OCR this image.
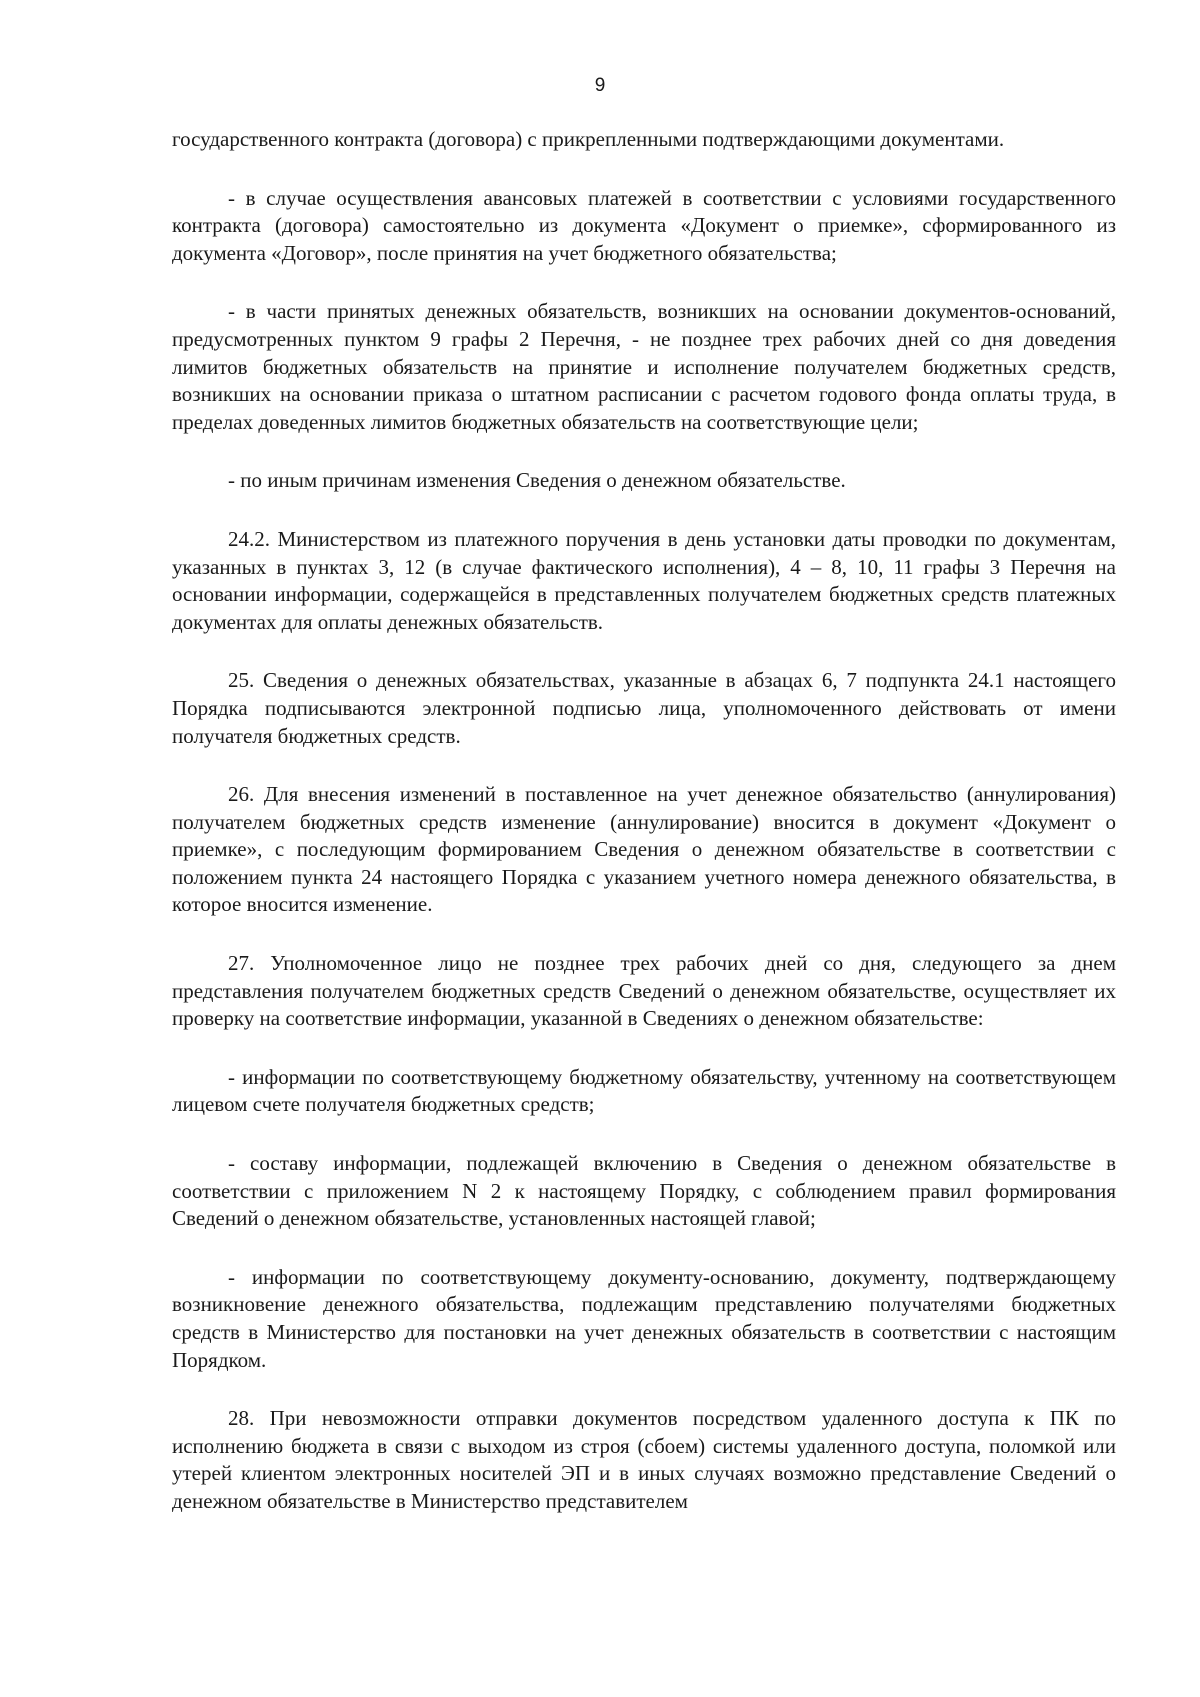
9

государственного контракта (договора) с прикрепленными подтверждающими документами.

- в случае осуществления авансовых платежей в соответствии с условиями государственного контракта (договора) самостоятельно из документа «Документ о приемке», сформированного из документа «Договор», после принятия на учет бюджетного обязательства;

- в части принятых денежных обязательств, возникших на основании документов-оснований, предусмотренных пунктом 9 графы 2 Перечня, - не позднее трех рабочих дней со дня доведения лимитов бюджетных обязательств на принятие и исполнение получателем бюджетных средств, возникших на основании приказа о штатном расписании с расчетом годового фонда оплаты труда, в пределах доведенных лимитов бюджетных обязательств на соответствующие цели;

- по иным причинам изменения Сведения о денежном обязательстве.

24.2. Министерством из платежного поручения в день установки даты проводки по документам, указанных в пунктах 3, 12 (в случае фактического исполнения), 4 – 8, 10, 11 графы 3 Перечня на основании информации, содержащейся в представленных получателем бюджетных средств платежных документах для оплаты денежных обязательств.

25. Сведения о денежных обязательствах, указанные в абзацах 6, 7 подпункта 24.1 настоящего Порядка подписываются электронной подписью лица, уполномоченного действовать от имени получателя бюджетных средств.

26. Для внесения изменений в поставленное на учет денежное обязательство (аннулирования) получателем бюджетных средств изменение (аннулирование) вносится в документ «Документ о приемке», с последующим формированием Сведения о денежном обязательстве в соответствии с положением пункта 24 настоящего Порядка с указанием учетного номера денежного обязательства, в которое вносится изменение.

27. Уполномоченное лицо не позднее трех рабочих дней со дня, следующего за днем представления получателем бюджетных средств Сведений о денежном обязательстве, осуществляет их проверку на соответствие информации, указанной в Сведениях о денежном обязательстве:

- информации по соответствующему бюджетному обязательству, учтенному на соответствующем лицевом счете получателя бюджетных средств;

- составу информации, подлежащей включению в Сведения о денежном обязательстве в соответствии с приложением N 2 к настоящему Порядку, с соблюдением правил формирования Сведений о денежном обязательстве, установленных настоящей главой;

- информации по соответствующему документу-основанию, документу, подтверждающему возникновение денежного обязательства, подлежащим представлению получателями бюджетных средств в Министерство для постановки на учет денежных обязательств в соответствии с настоящим Порядком.

28. При невозможности отправки документов посредством удаленного доступа к ПК по исполнению бюджета в связи с выходом из строя (сбоем) системы удаленного доступа, поломкой или утерей клиентом электронных носителей ЭП и в иных случаях возможно представление Сведений о денежном обязательстве в Министерство представителем
